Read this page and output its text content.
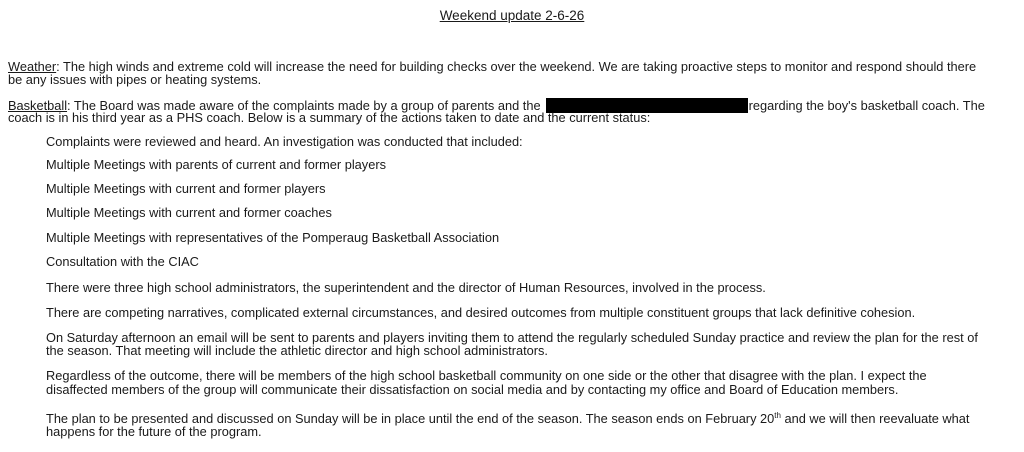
Weekend update 2-6-26
Weather: The high winds and extreme cold will increase the need for building checks over the weekend. We are taking proactive steps to monitor and respond should there
be any issues with pipes or heating systems.
Basketball: The Board was made aware of the complaints made by a group of parents and the	regarding the boy's basketball coach. The
coach is in his third year as a PHS coach. Below is a summary of the actions taken to date and the current status:
Complaints were reviewed and heard. An investigation was conducted that included:
Multiple Meetings with parents of current and former players
Multiple Meetings with current and former players
Multiple Meetings with current and former coaches
Multiple Meetings with representatives of the Pomperaug Basketball Association
Consultation with the CIAC
There were three high school administrators, the superintendent and the director of Human Resources, involved in the process.
There are competing narratives, complicated external circumstances, and desired outcomes from multiple constituent groups that lack definitive cohesion.
On Saturday afternoon an email will be sent to parents and players inviting them to attend the regularly scheduled Sunday practice and review the plan for the rest of
the season. That meeting will include the athletic director and high school administrators.
Regardless of the outcome, there will be members of the high school basketball community on one side or the other that disagree with the plan. I expect the
disaffected members of the group will communicate their dissatisfaction on social media and by contacting my office and Board of Education members.
The plan to be presented and discussed on Sunday will be in place until the end of the season. The season ends on February 20th and we will then reevaluate what
happens for the future of the program.
